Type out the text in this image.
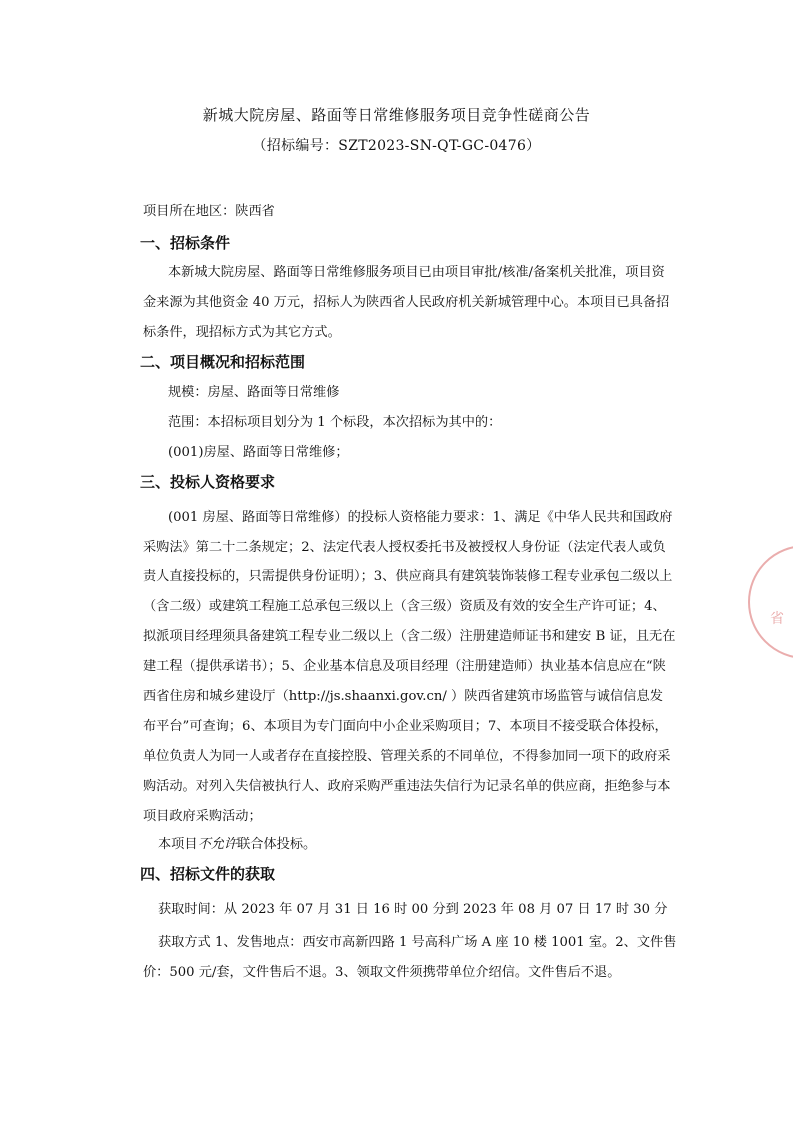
新城大院房屋、路面等日常维修服务项目竞争性磋商公告
（招标编号：SZT2023-SN-QT-GC-0476）
项目所在地区：陕西省
一、招标条件
本新城大院房屋、路面等日常维修服务项目已由项目审批/核准/备案机关批准，项目资
金来源为其他资金 40 万元，招标人为陕西省人民政府机关新城管理中心。本项目已具备招
标条件，现招标方式为其它方式。
二、项目概况和招标范围
规模：房屋、路面等日常维修
范围：本招标项目划分为 1 个标段，本次招标为其中的：
(001)房屋、路面等日常维修；
三、投标人资格要求
(001 房屋、路面等日常维修）的投标人资格能力要求：1、满足《中华人民共和国政府
采购法》第二十二条规定；2、法定代表人授权委托书及被授权人身份证（法定代表人或负
责人直接投标的，只需提供身份证明）；3、供应商具有建筑装饰装修工程专业承包二级以上
（含二级）或建筑工程施工总承包三级以上（含三级）资质及有效的安全生产许可证；4、
拟派项目经理须具备建筑工程专业二级以上（含二级）注册建造师证书和建安 B 证，且无在
建工程（提供承诺书）；5、企业基本信息及项目经理（注册建造师）执业基本信息应在“陕
西省住房和城乡建设厅（http://js.shaanxi.gov.cn/ ）陕西省建筑市场监管与诚信信息发
布平台”可查询；6、本项目为专门面向中小企业采购项目；7、本项目不接受联合体投标，
单位负责人为同一人或者存在直接控股、管理关系的不同单位，不得参加同一项下的政府采
购活动。对列入失信被执行人、政府采购严重违法失信行为记录名单的供应商，拒绝参与本
项目政府采购活动；
本项目不允许联合体投标。
四、招标文件的获取
获取时间：从 2023 年 07 月 31 日 16 时 00 分到 2023 年 08 月 07 日 17 时 30 分
获取方式 1、发售地点：西安市高新四路 1 号高科广场 A 座 10 楼 1001 室。2、文件售
价：500 元/套，文件售后不退。3、领取文件须携带单位介绍信。文件售后不退。
省
